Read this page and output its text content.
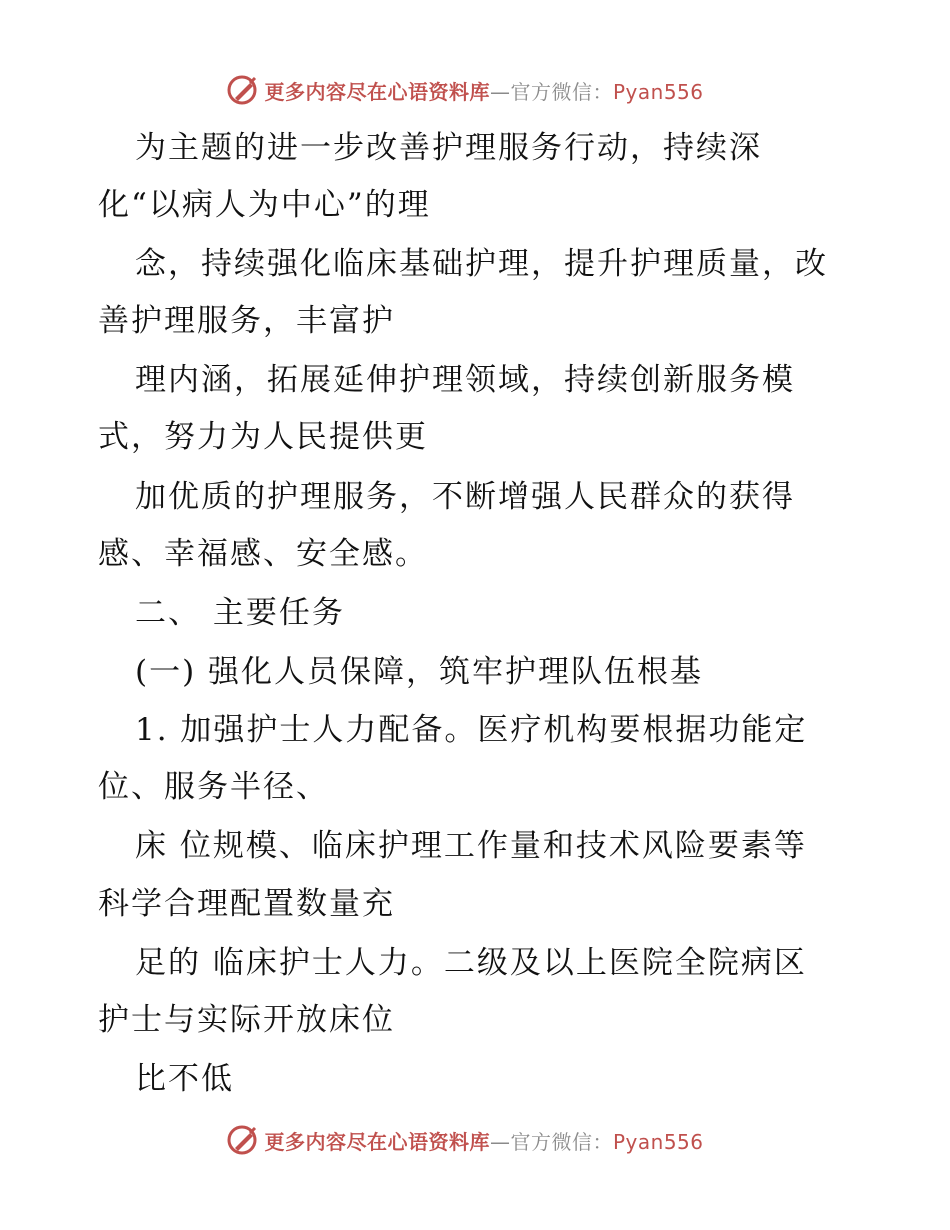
更多内容尽在心语资料库—官方微信：Pyan556
为主题的进一步改善护理服务行动，持续深
化“以病人为中心”的理
念，持续强化临床基础护理，提升护理质量，改
善护理服务，丰富护
理内涵，拓展延伸护理领域，持续创新服务模
式，努力为人民提供更
加优质的护理服务，不断增强人民群众的获得
感、幸福感、安全感。
二、 主要任务
(一) 强化人员保障，筑牢护理队伍根基
1. 加强护士人力配备。医疗机构要根据功能定
位、服务半径、
床 位规模、临床护理工作量和技术风险要素等
科学合理配置数量充
足的 临床护士人力。二级及以上医院全院病区
护士与实际开放床位
比不低
更多内容尽在心语资料库—官方微信：Pyan556
